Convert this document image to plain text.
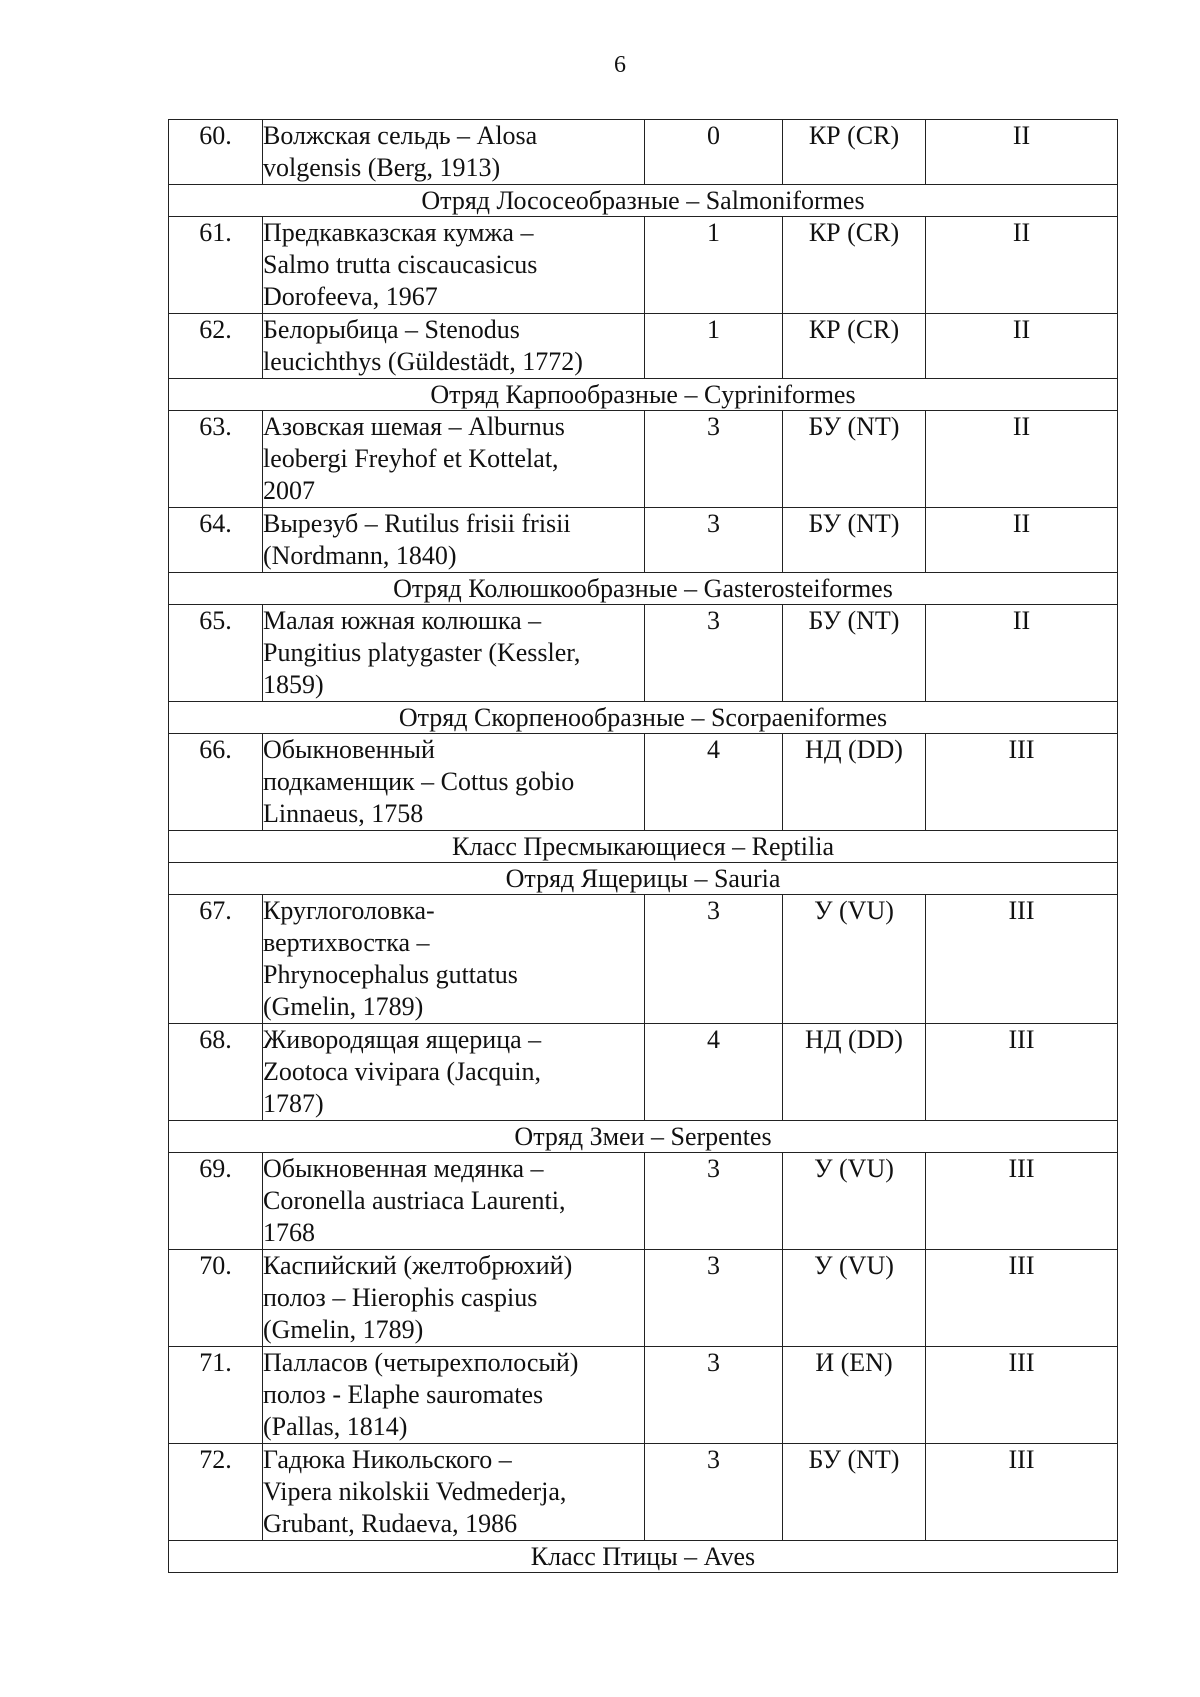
6
60.	Волжская сельдь – Alosa
volgensis (Berg, 1913)	0	КР (CR)	II
Отряд Лососеобразные – Salmoniformes				
61.	Предкавказская кумжа –
Salmo trutta ciscaucasicus
Dorofeeva, 1967	1	КР (CR)	II
62.	Белорыбица – Stenodus
leucichthys (Güldestädt, 1772)	1	КР (CR)	II
Отряд Карпообразные – Cypriniformes				
63.	Азовская шемая – Alburnus
leobergi Freyhof et Kottelat,
2007	3	БУ (NT)	II
64.	Вырезуб – Rutilus frisii frisii
(Nordmann, 1840)	3	БУ (NT)	II
Отряд Колюшкообразные – Gasterosteiformes				
65.	Малая южная колюшка –
Pungitius platygaster (Kessler,
1859)	3	БУ (NT)	II
Отряд Скорпенообразные – Scorpaeniformes				
66.	Обыкновенный
подкаменщик – Cottus gobio
Linnaeus, 1758	4	НД (DD)	III
Класс Пресмыкающиеся – Reptilia				
Отряд Ящерицы – Sauria				
67.	Круглоголовка-
вертихвостка –
Phrynocephalus guttatus
(Gmelin, 1789)	3	У (VU)	III
68.	Живородящая ящерица –
Zootoca vivipara (Jacquin,
1787)	4	НД (DD)	III
Отряд Змеи – Serpentes				
69.	Обыкновенная медянка –
Coronella austriaca Laurenti,
1768	3	У (VU)	III
70.	Каспийский (желтобрюхий)
полоз – Hierophis caspius
(Gmelin, 1789)	3	У (VU)	III
71.	Палласов (четырехполосый)
полоз - Elaphe sauromates
(Pallas, 1814)	3	И (EN)	III
72.	Гадюка Никольского –
Vipera nikolskii Vedmederja,
Grubant, Rudaeva, 1986	3	БУ (NT)	III
Класс Птицы – Aves				
